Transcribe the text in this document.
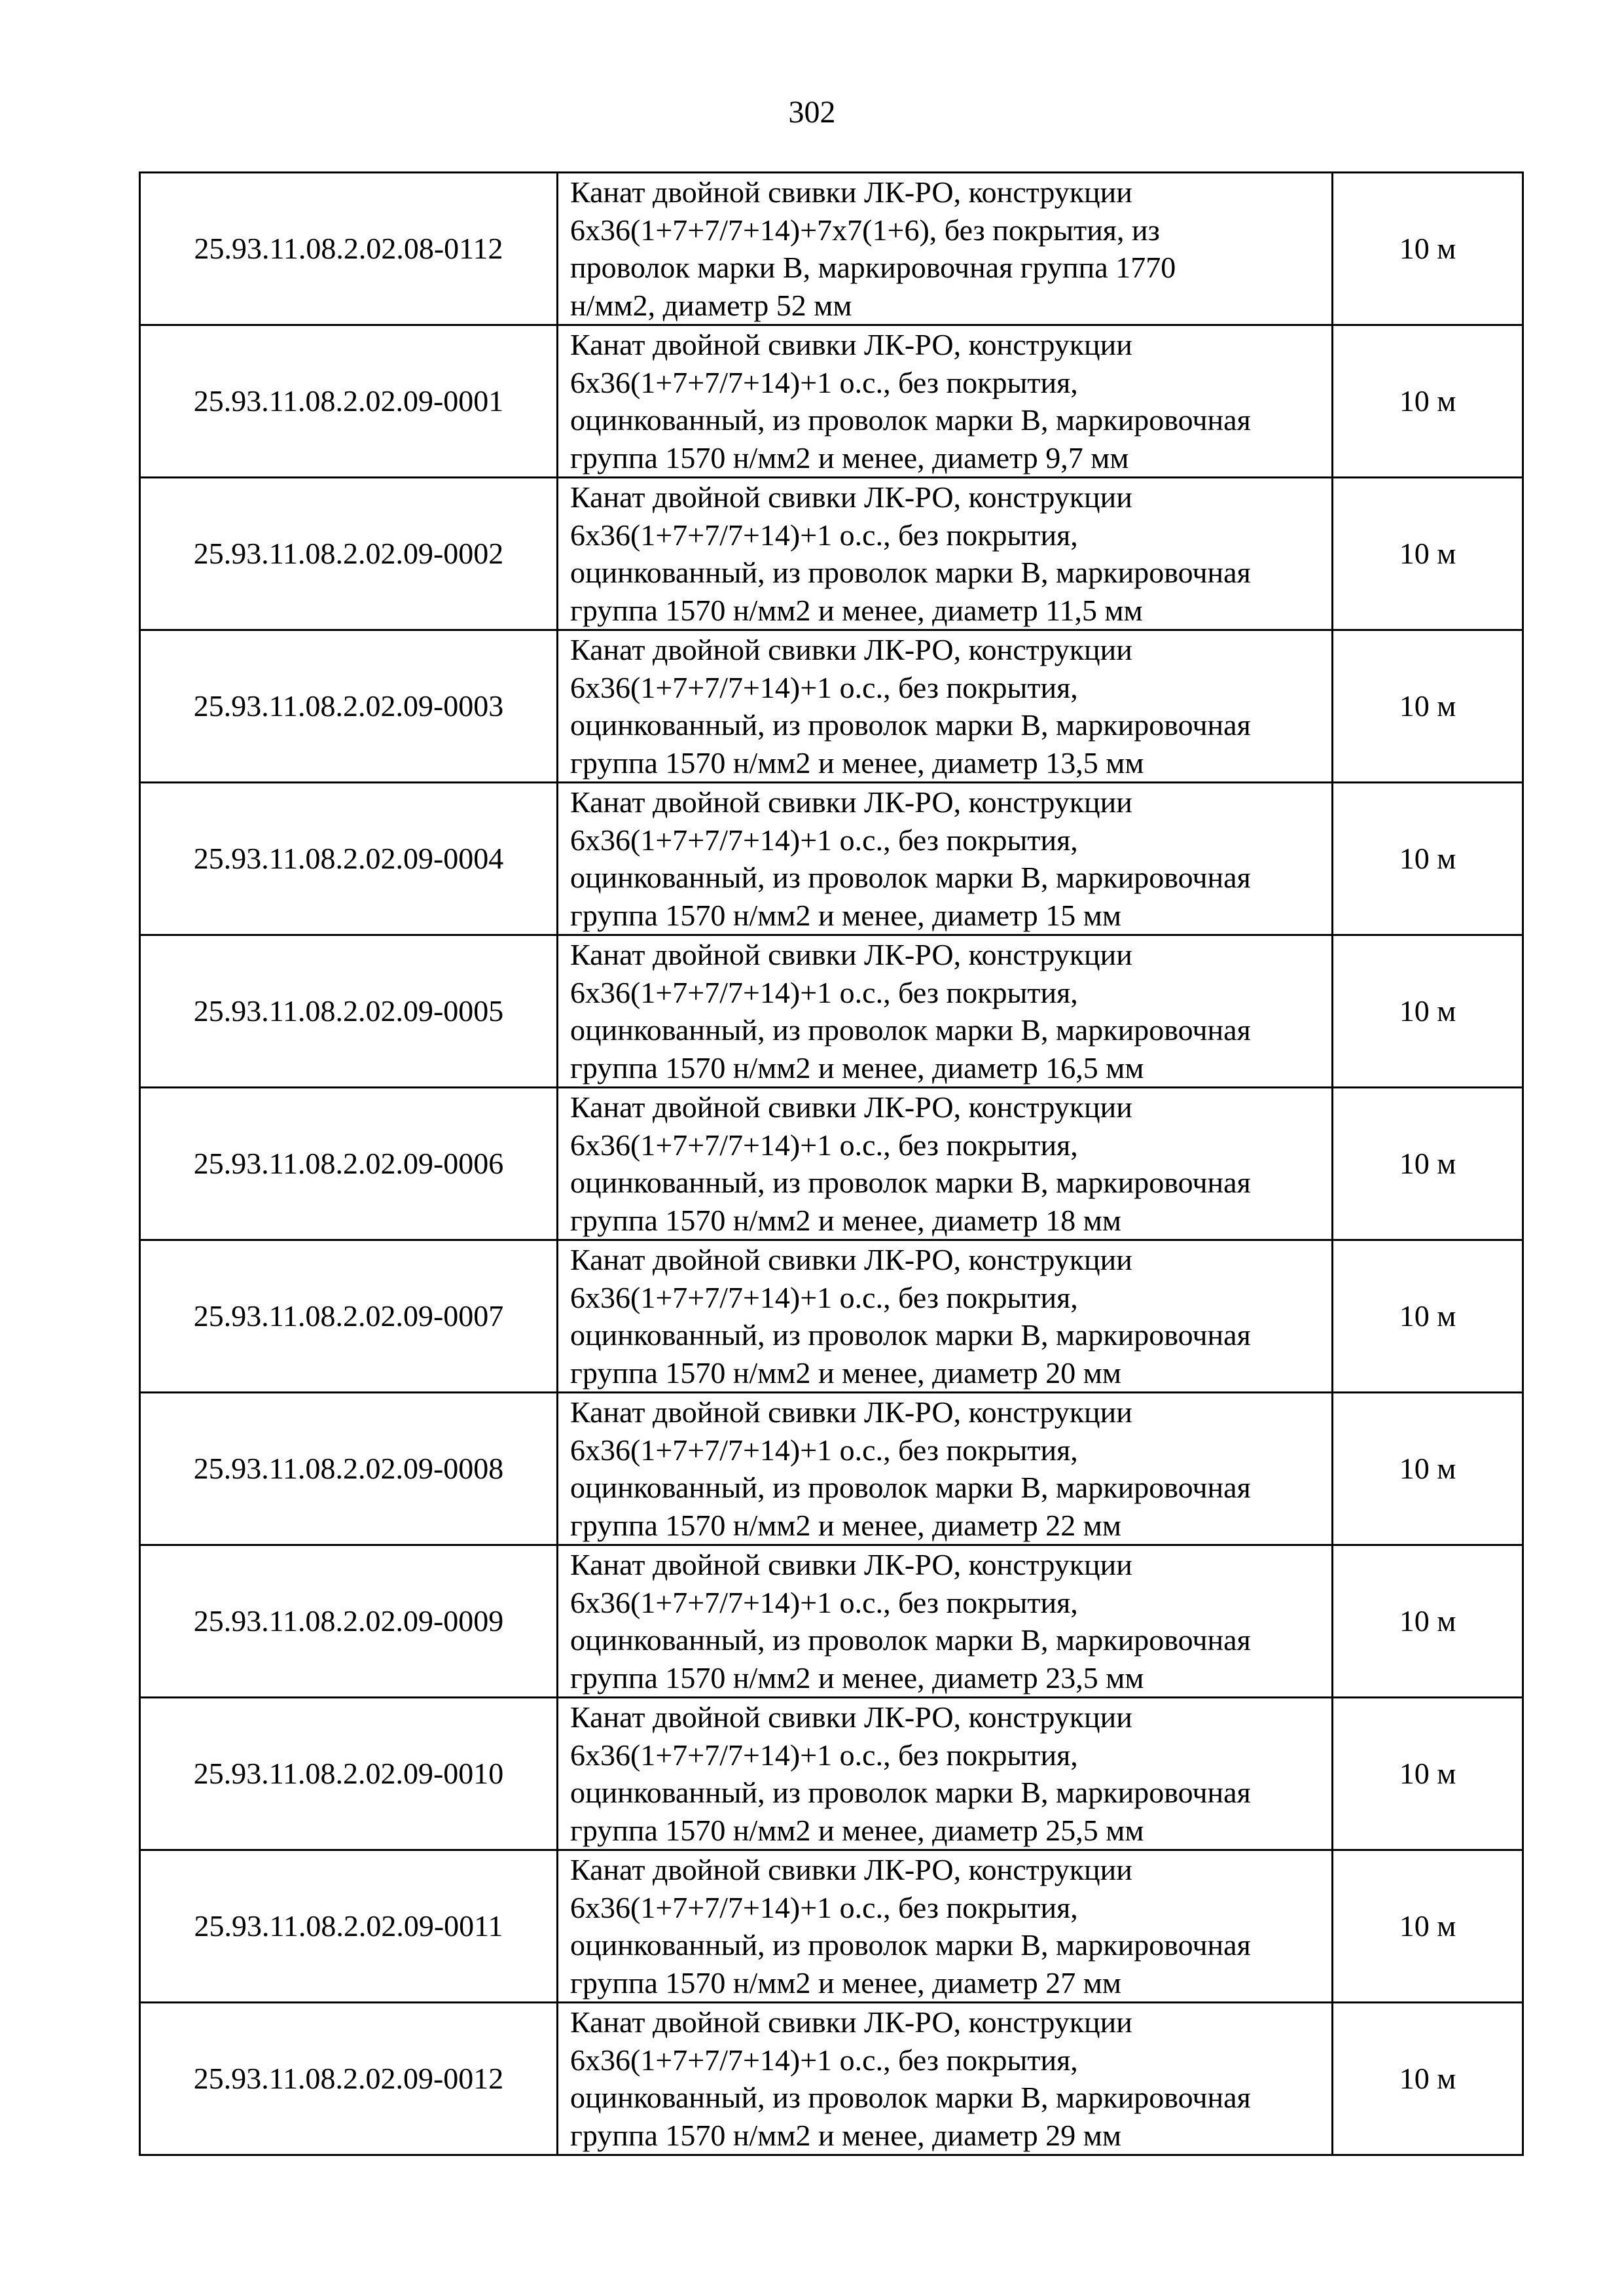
302
25.93.11.08.2.02.08-0112	Канат двойной свивки ЛК-РО, конструкции
6х36(1+7+7/7+14)+7х7(1+6), без покрытия, из
проволок марки В, маркировочная группа 1770
н/мм2, диаметр 52 мм	10 м
25.93.11.08.2.02.09-0001	Канат двойной свивки ЛК-РО, конструкции
6х36(1+7+7/7+14)+1 о.с., без покрытия,
оцинкованный, из проволок марки В, маркировочная
группа 1570 н/мм2 и менее, диаметр 9,7 мм	10 м
25.93.11.08.2.02.09-0002	Канат двойной свивки ЛК-РО, конструкции
6х36(1+7+7/7+14)+1 о.с., без покрытия,
оцинкованный, из проволок марки В, маркировочная
группа 1570 н/мм2 и менее, диаметр 11,5 мм	10 м
25.93.11.08.2.02.09-0003	Канат двойной свивки ЛК-РО, конструкции
6х36(1+7+7/7+14)+1 о.с., без покрытия,
оцинкованный, из проволок марки В, маркировочная
группа 1570 н/мм2 и менее, диаметр 13,5 мм	10 м
25.93.11.08.2.02.09-0004	Канат двойной свивки ЛК-РО, конструкции
6х36(1+7+7/7+14)+1 о.с., без покрытия,
оцинкованный, из проволок марки В, маркировочная
группа 1570 н/мм2 и менее, диаметр 15 мм	10 м
25.93.11.08.2.02.09-0005	Канат двойной свивки ЛК-РО, конструкции
6х36(1+7+7/7+14)+1 о.с., без покрытия,
оцинкованный, из проволок марки В, маркировочная
группа 1570 н/мм2 и менее, диаметр 16,5 мм	10 м
25.93.11.08.2.02.09-0006	Канат двойной свивки ЛК-РО, конструкции
6х36(1+7+7/7+14)+1 о.с., без покрытия,
оцинкованный, из проволок марки В, маркировочная
группа 1570 н/мм2 и менее, диаметр 18 мм	10 м
25.93.11.08.2.02.09-0007	Канат двойной свивки ЛК-РО, конструкции
6х36(1+7+7/7+14)+1 о.с., без покрытия,
оцинкованный, из проволок марки В, маркировочная
группа 1570 н/мм2 и менее, диаметр 20 мм	10 м
25.93.11.08.2.02.09-0008	Канат двойной свивки ЛК-РО, конструкции
6х36(1+7+7/7+14)+1 о.с., без покрытия,
оцинкованный, из проволок марки В, маркировочная
группа 1570 н/мм2 и менее, диаметр 22 мм	10 м
25.93.11.08.2.02.09-0009	Канат двойной свивки ЛК-РО, конструкции
6х36(1+7+7/7+14)+1 о.с., без покрытия,
оцинкованный, из проволок марки В, маркировочная
группа 1570 н/мм2 и менее, диаметр 23,5 мм	10 м
25.93.11.08.2.02.09-0010	Канат двойной свивки ЛК-РО, конструкции
6х36(1+7+7/7+14)+1 о.с., без покрытия,
оцинкованный, из проволок марки В, маркировочная
группа 1570 н/мм2 и менее, диаметр 25,5 мм	10 м
25.93.11.08.2.02.09-0011	Канат двойной свивки ЛК-РО, конструкции
6х36(1+7+7/7+14)+1 о.с., без покрытия,
оцинкованный, из проволок марки В, маркировочная
группа 1570 н/мм2 и менее, диаметр 27 мм	10 м
25.93.11.08.2.02.09-0012	Канат двойной свивки ЛК-РО, конструкции
6х36(1+7+7/7+14)+1 о.с., без покрытия,
оцинкованный, из проволок марки В, маркировочная
группа 1570 н/мм2 и менее, диаметр 29 мм	10 м
